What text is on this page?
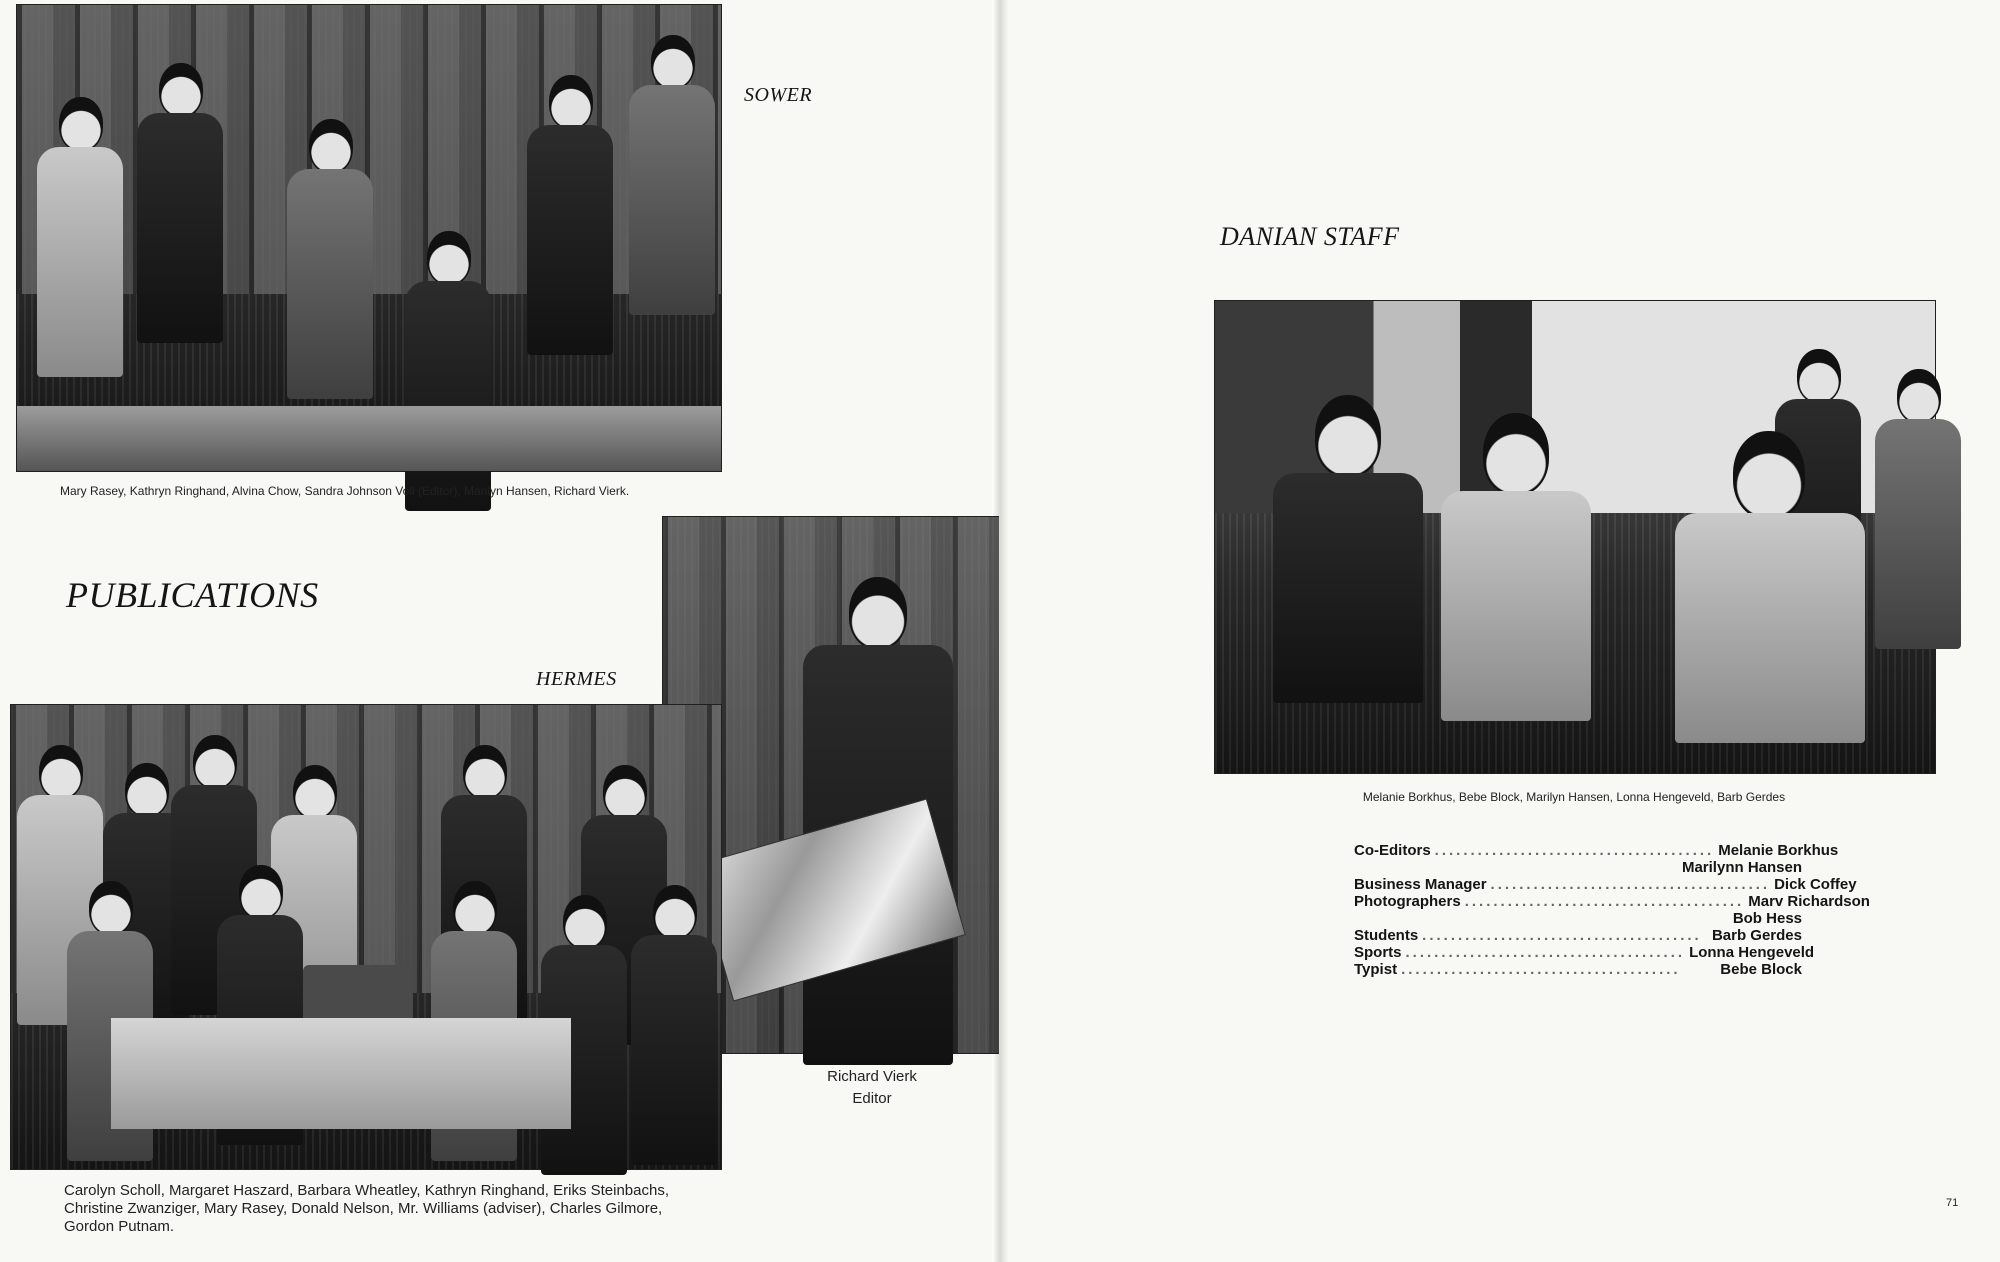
SOWER
Mary Rasey, Kathryn Ringhand, Alvina Chow, Sandra Johnson Voll (Editor), Marilyn Hansen, Richard Vierk.
PUBLICATIONS
HERMES
Carolyn Scholl, Margaret Haszard, Barbara Wheatley, Kathryn Ringhand, Eriks Steinbachs, Christine Zwanziger, Mary Rasey, Donald Nelson, Mr. Williams (adviser), Charles Gilmore, Gordon Putnam.
Richard Vierk
Editor
DANIAN STAFF
Melanie Borkhus, Bebe Block, Marilyn Hansen, Lonna Hengeveld, Barb Gerdes
Co-Editors ....................................... Melanie Borkhus
Marilynn Hansen
Business Manager ....................................... Dick Coffey
Photographers ....................................... Marv Richardson
Bob Hess
Students ....................................... Barb Gerdes
Sports ....................................... Lonna Hengeveld
Typist .......................................	Bebe Block
71
